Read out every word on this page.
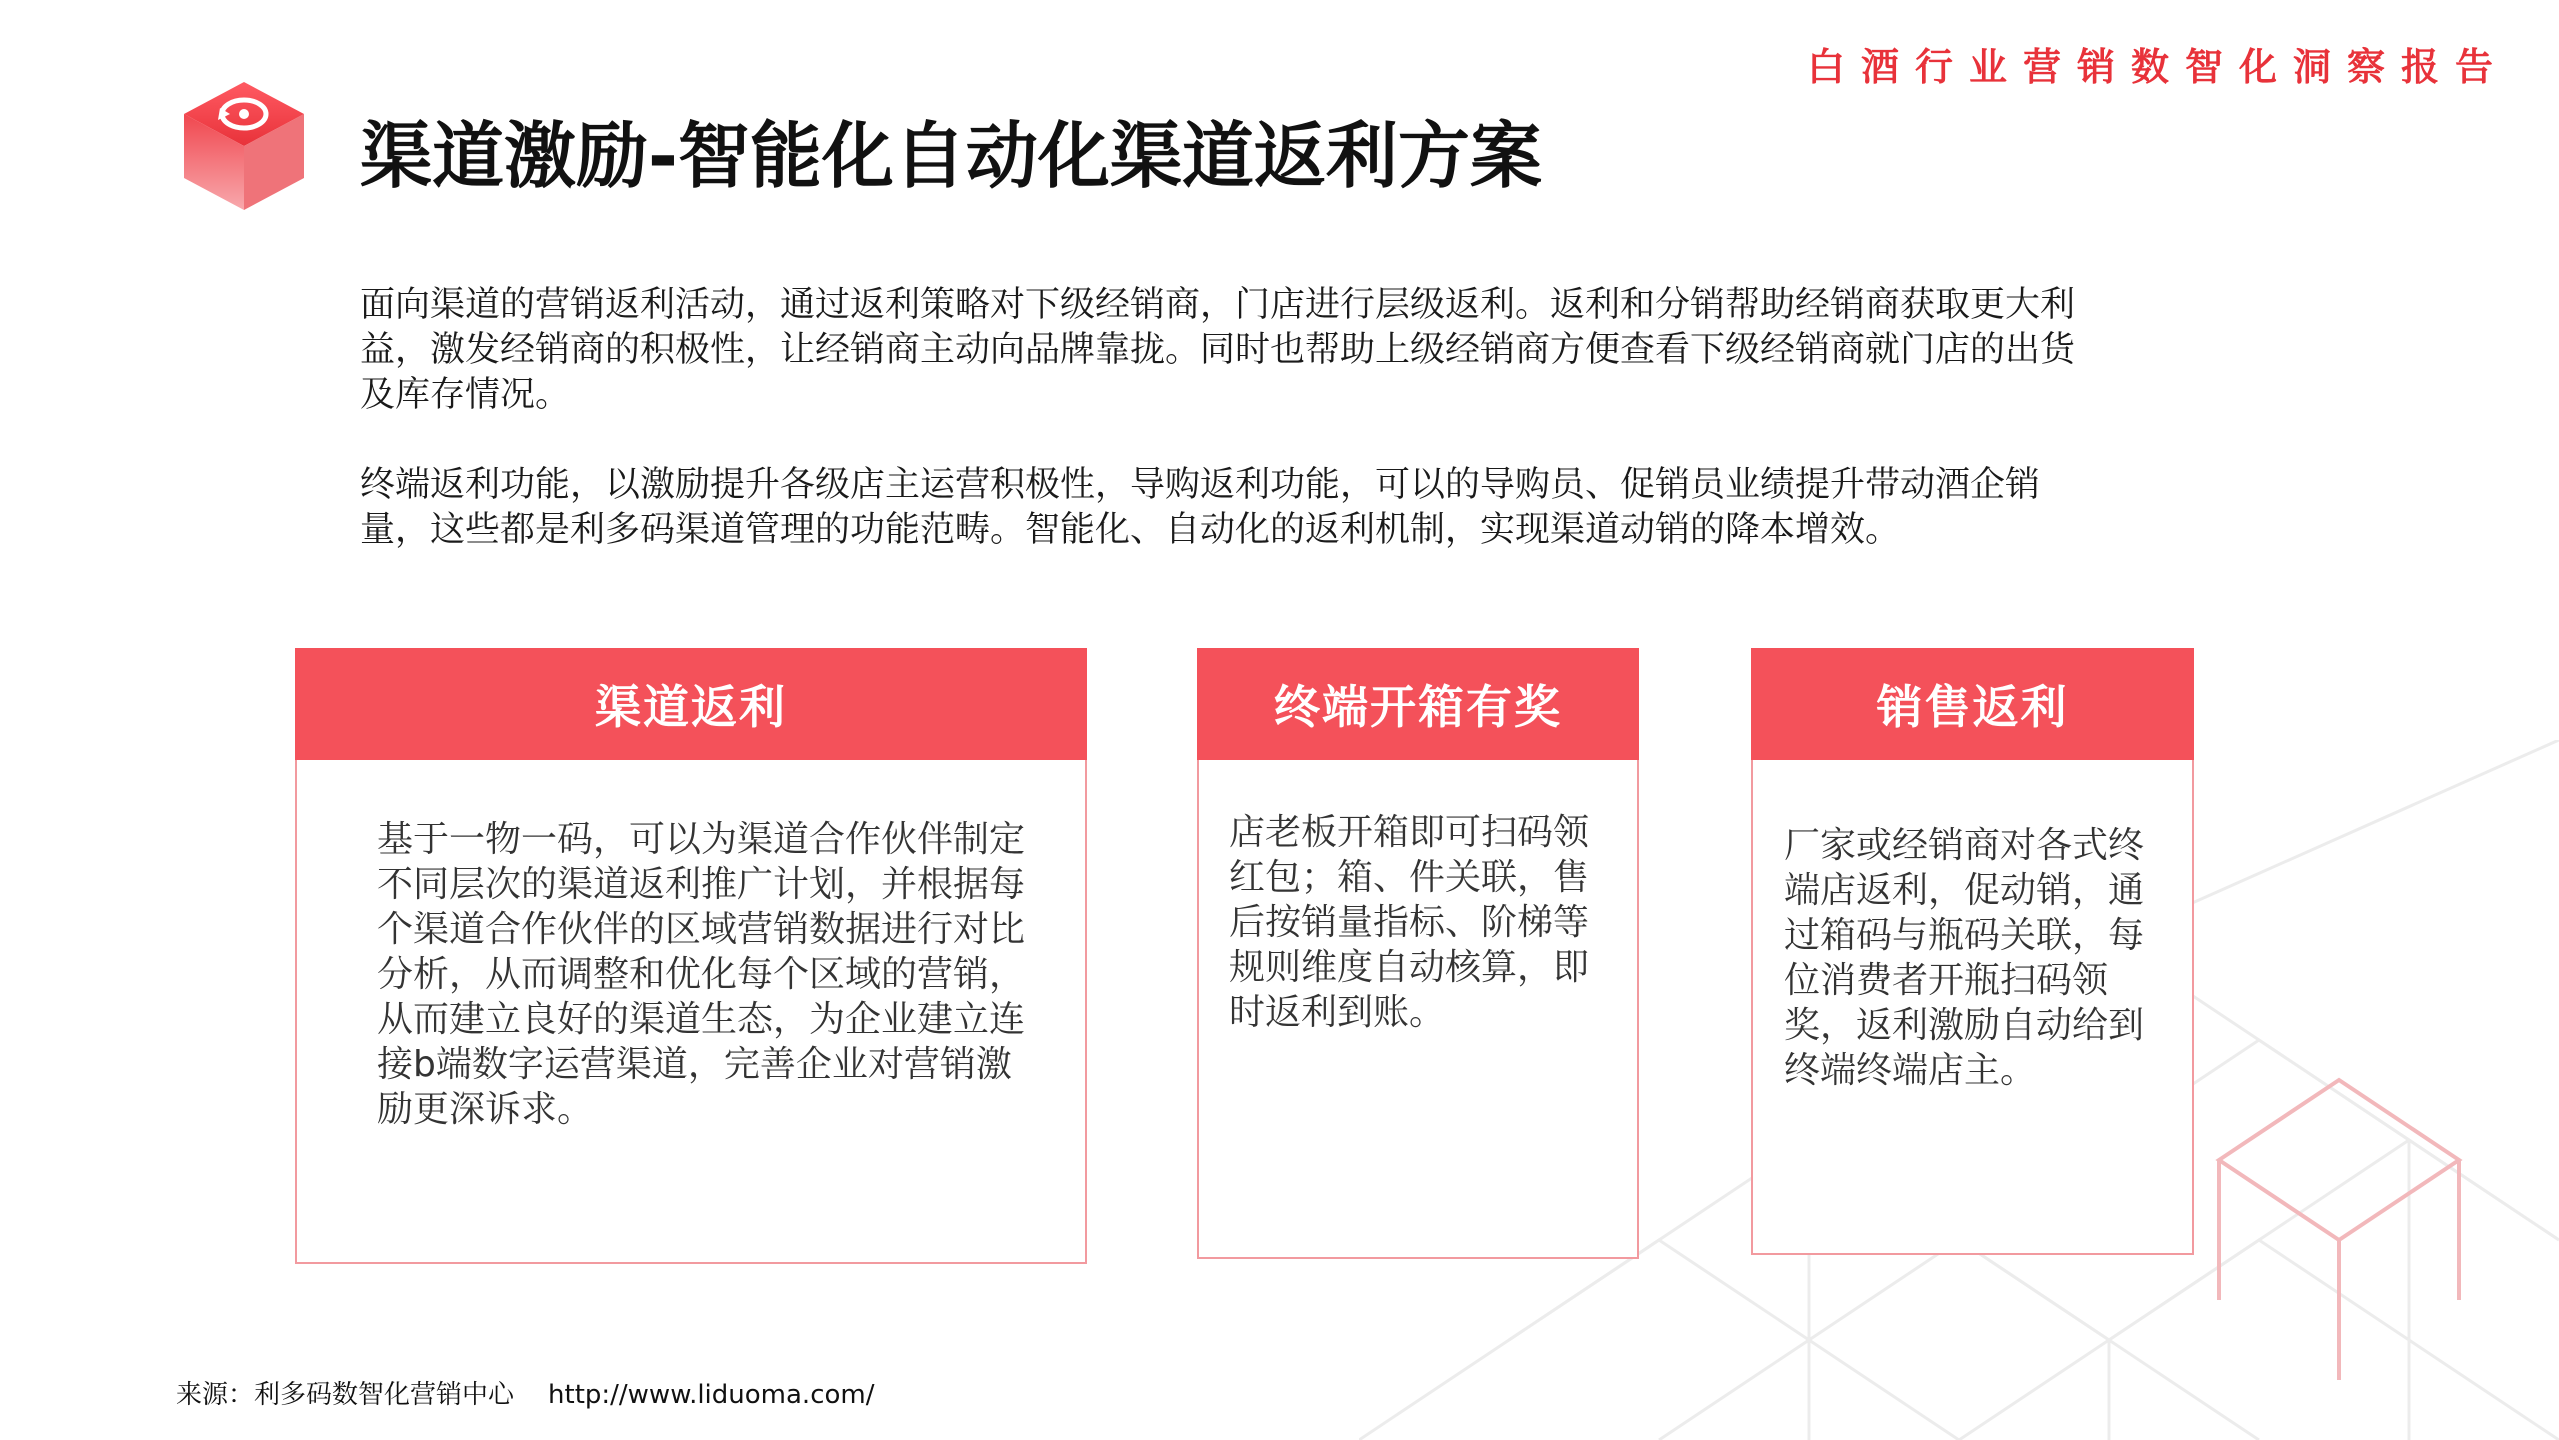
白酒行业营销数智化洞察报告
渠道激励-智能化自动化渠道返利方案

面向渠道的营销返利活动，通过返利策略对下级经销商，门店进行层级返利。返利和分销帮助经销商获取更大利益，激发经销商的积极性，让经销商主动向品牌靠拢。同时也帮助上级经销商方便查看下级经销商就门店的出货及库存情况。

终端返利功能，以激励提升各级店主运营积极性，导购返利功能，可以的导购员、促销员业绩提升带动酒企销量，这些都是利多码渠道管理的功能范畴。智能化、自动化的返利机制，实现渠道动销的降本增效。

渠道返利
基于一物一码，可以为渠道合作伙伴制定不同层次的渠道返利推广计划，并根据每个渠道合作伙伴的区域营销数据进行对比分析，从而调整和优化每个区域的营销，从而建立良好的渠道生态，为企业建立连接b端数字运营渠道，完善企业对营销激励更深诉求。
终端开箱有奖
店老板开箱即可扫码领红包；箱、件关联，售后按销量指标、阶梯等规则维度自动核算，即时返利到账。
销售返利
厂家或经销商对各式终端店返利，促动销，通过箱码与瓶码关联，每位消费者开瓶扫码领奖，返利激励自动给到终端终端店主。
来源：利多码数智化营销中心 http://www.liduoma.com/
